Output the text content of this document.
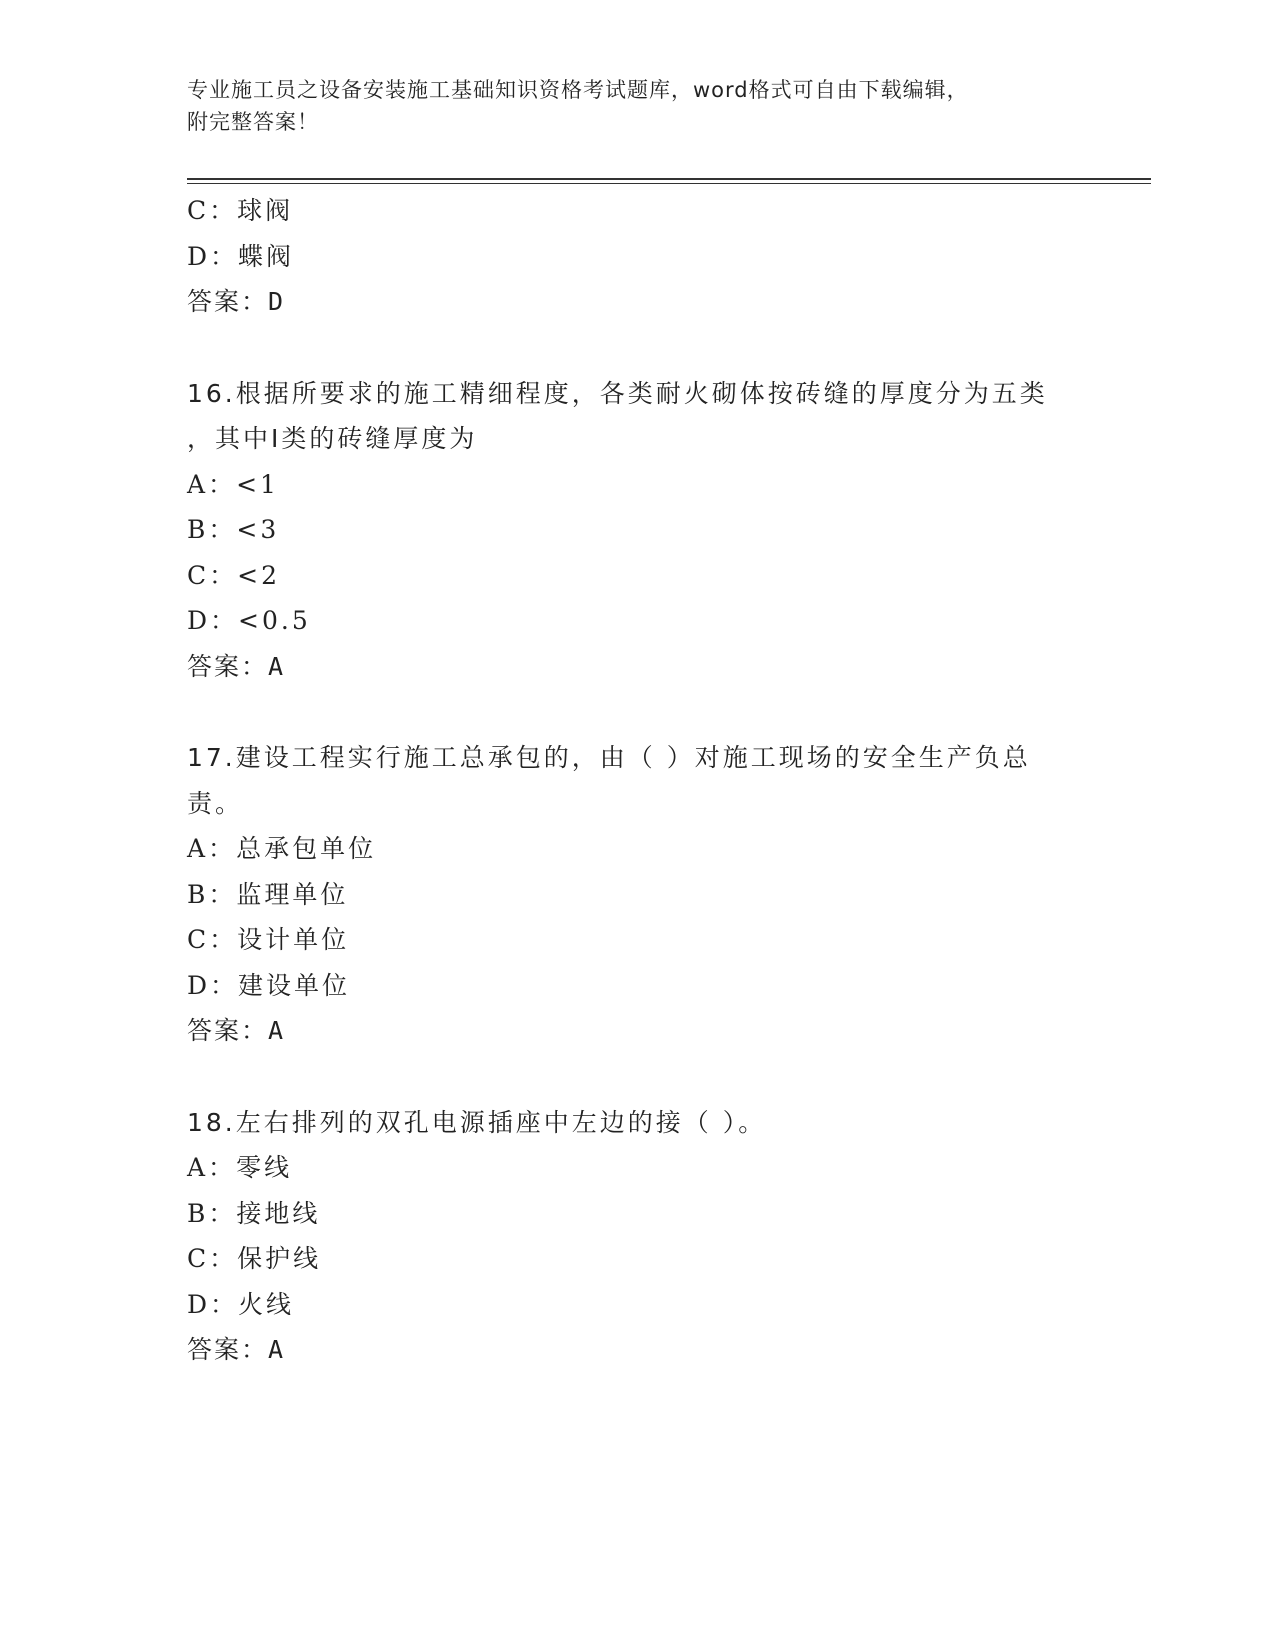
专业施工员之设备安装施工基础知识资格考试题库，word格式可自由下载编辑，
附完整答案！
C：球阀
D：蝶阀
答案：D
16.根据所要求的施工精细程度，各类耐火砌体按砖缝的厚度分为五类
，其中Ⅰ类的砖缝厚度为
A：<1
B：<3
C：<2
D：<0.5
答案：A
17.建设工程实行施工总承包的，由（ ）对施工现场的安全生产负总
责。
A：总承包单位
B：监理单位
C：设计单位
D：建设单位
答案：A
18.左右排列的双孔电源插座中左边的接（ ）。
A：零线
B：接地线
C：保护线
D：火线
答案：A
